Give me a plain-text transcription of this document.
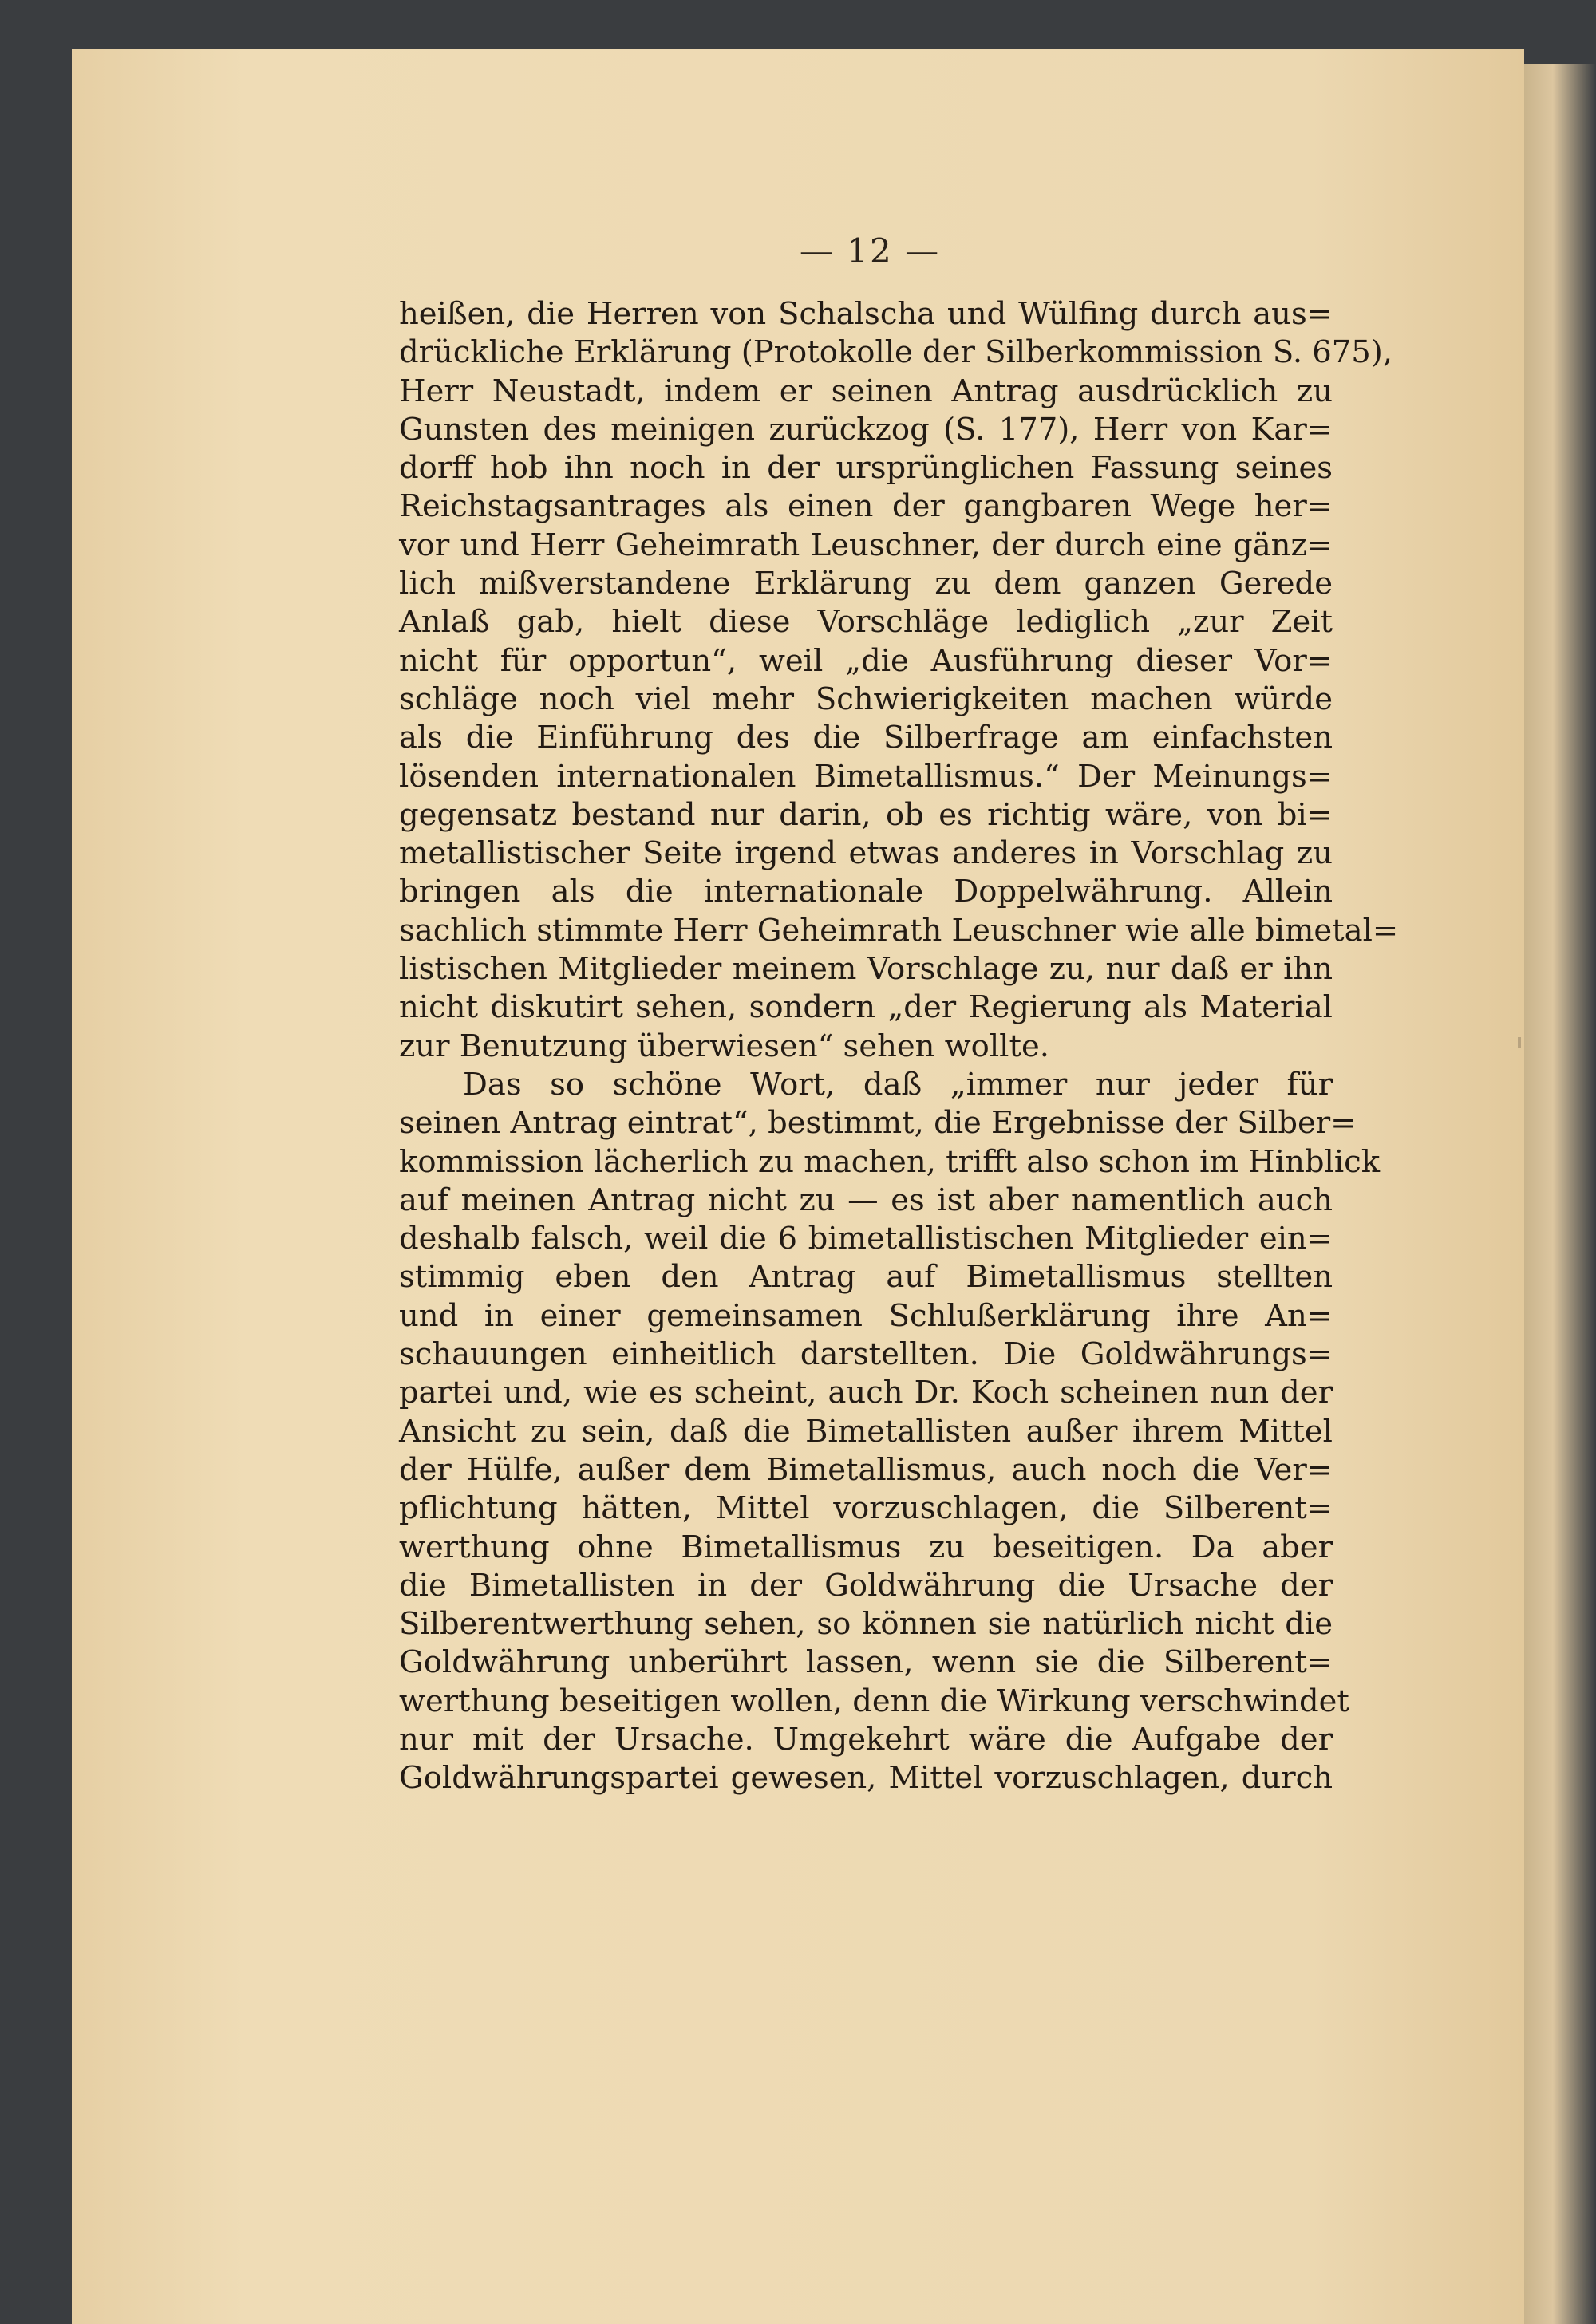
— 12 —
heißen, die Herren von Schalscha und Wülfing durch aus=
drückliche Erklärung (Protokolle der Silberkommission S. 675),
Herr Neustadt, indem er seinen Antrag ausdrücklich zu
Gunsten des meinigen zurückzog (S. 177), Herr von Kar=
dorff hob ihn noch in der ursprünglichen Fassung seines
Reichstagsantrages als einen der gangbaren Wege her=
vor und Herr Geheimrath Leuschner, der durch eine gänz=
lich mißverstandene Erklärung zu dem ganzen Gerede
Anlaß gab, hielt diese Vorschläge lediglich „zur Zeit
nicht für opportun“, weil „die Ausführung dieser Vor=
schläge noch viel mehr Schwierigkeiten machen würde
als die Einführung des die Silberfrage am einfachsten
lösenden internationalen Bimetallismus.“ Der Meinungs=
gegensatz bestand nur darin, ob es richtig wäre, von bi=
metallistischer Seite irgend etwas anderes in Vorschlag zu
bringen als die internationale Doppelwährung. Allein
sachlich stimmte Herr Geheimrath Leuschner wie alle bimetal=
listischen Mitglieder meinem Vorschlage zu, nur daß er ihn
nicht diskutirt sehen, sondern „der Regierung als Material
zur Benutzung überwiesen“ sehen wollte.
Das so schöne Wort, daß „immer nur jeder für
seinen Antrag eintrat“, bestimmt, die Ergebnisse der Silber=
kommission lächerlich zu machen, trifft also schon im Hinblick
auf meinen Antrag nicht zu — es ist aber namentlich auch
deshalb falsch, weil die 6 bimetallistischen Mitglieder ein=
stimmig eben den Antrag auf Bimetallismus stellten
und in einer gemeinsamen Schlußerklärung ihre An=
schauungen einheitlich darstellten. Die Goldwährungs=
partei und, wie es scheint, auch Dr. Koch scheinen nun der
Ansicht zu sein, daß die Bimetallisten außer ihrem Mittel
der Hülfe, außer dem Bimetallismus, auch noch die Ver=
pflichtung hätten, Mittel vorzuschlagen, die Silberent=
werthung ohne Bimetallismus zu beseitigen. Da aber
die Bimetallisten in der Goldwährung die Ursache der
Silberentwerthung sehen, so können sie natürlich nicht die
Goldwährung unberührt lassen, wenn sie die Silberent=
werthung beseitigen wollen, denn die Wirkung verschwindet
nur mit der Ursache. Umgekehrt wäre die Aufgabe der
Goldwährungspartei gewesen, Mittel vorzuschlagen, durch
